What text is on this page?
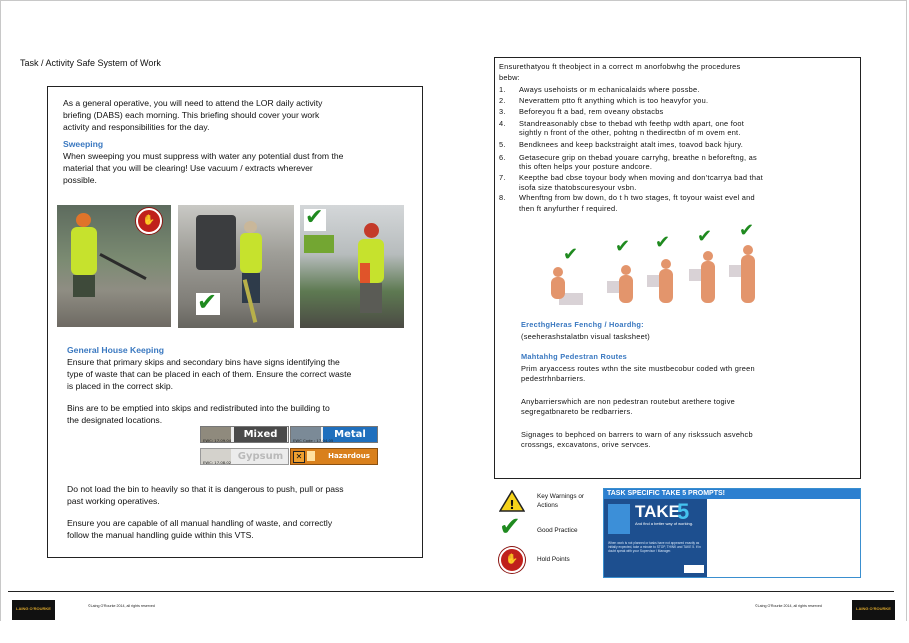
Task / Activity Safe System of Work
As a general operative, you will need to attend the LOR daily activity
briefing (DABS) each morning. This briefing should cover your work
activity and responsibilities for the day.
Sweeping
When sweeping you must suppress with water any potential dust from the
material that you will be clearing! Use vacuum / extracts wherever
possible.
✋
✔
✔
General House Keeping
Ensure that primary skips and secondary bins have signs identifying the
type of waste that can be placed in each of them. Ensure the correct waste
is placed in the correct skip.
Bins are to be emptied into skips and redistributed into the building to
the designated locations.
Mixed
EWC: 17.09.04
Metal
EWC Code : 17.04.05
Gypsum
EWC: 17.08.02
✕	Hazardous
Do not load the bin to heavily so that it is dangerous to push, pull or pass
past working operatives.
Ensure you are capable of all manual handling of waste, and correctly
follow the manual handling guide within this VTS.
Ensurethatyou ft theobject in a correct m anorfobwhg the procedures
bebw:
1. Aways usehoists or m echanicalaids where possbe.
2. Neverattem ptto ft anything which is too heavyfor you.
3. Beforeyou ft a bad, rem oveany obstacbs
4. Standreasonably cbse to thebad wth feethp wdth apart, one foot
sightly n front of the other, pohtng n thedirectbn of m ovem ent.
5. Bendknees and keep backstraight atalt imes, toavod back hjury.
6. Getasecure grip on thebad youare carryhg, breathe n beforeftng, as
this often helps your posture andcore.
7. Keepthe bad cbse toyour body when moving and don’tcarrya bad that
isofa size thatobscuresyour vsbn.
8. Whenftng from bw down, do t h two stages, ft toyour waist evel and
then ft anyfurther f required.
✔ ✔ ✔ ✔ ✔
ErecthgHeras Fenchg / Hoardhg:
(seeherashstalatbn visual tasksheet)
Mahtahhg Pedestran Routes
Prim aryaccess routes wthn the site mustbecobur coded wth green
pedestrhnbarriers.
Anybarrierswhich are non pedestran routebut arethere togive
segregatbnareto be redbarriers.
Signages to bephced on barrers to warn of any riskssuch asvehcb
crossngs, excavatons, orive servces.
!
Key Warnings or
Actions
✔	Good Practice
✋	Hold Points
TASK SPECIFIC TAKE 5 PROMPTS!
TAKE
5
And find a better way of working.
When work is not planned or tasks have not appeared exactly as initially expected, take a minute to STOP, THINK and TAKE 5. If in doubt speak with your Supervisor / Manager.
LAING O'ROURKE	©Laing O'Rourke 2014, all rights reserved	©Laing O'Rourke 2014, all rights reserved	LAING O'ROURKE
